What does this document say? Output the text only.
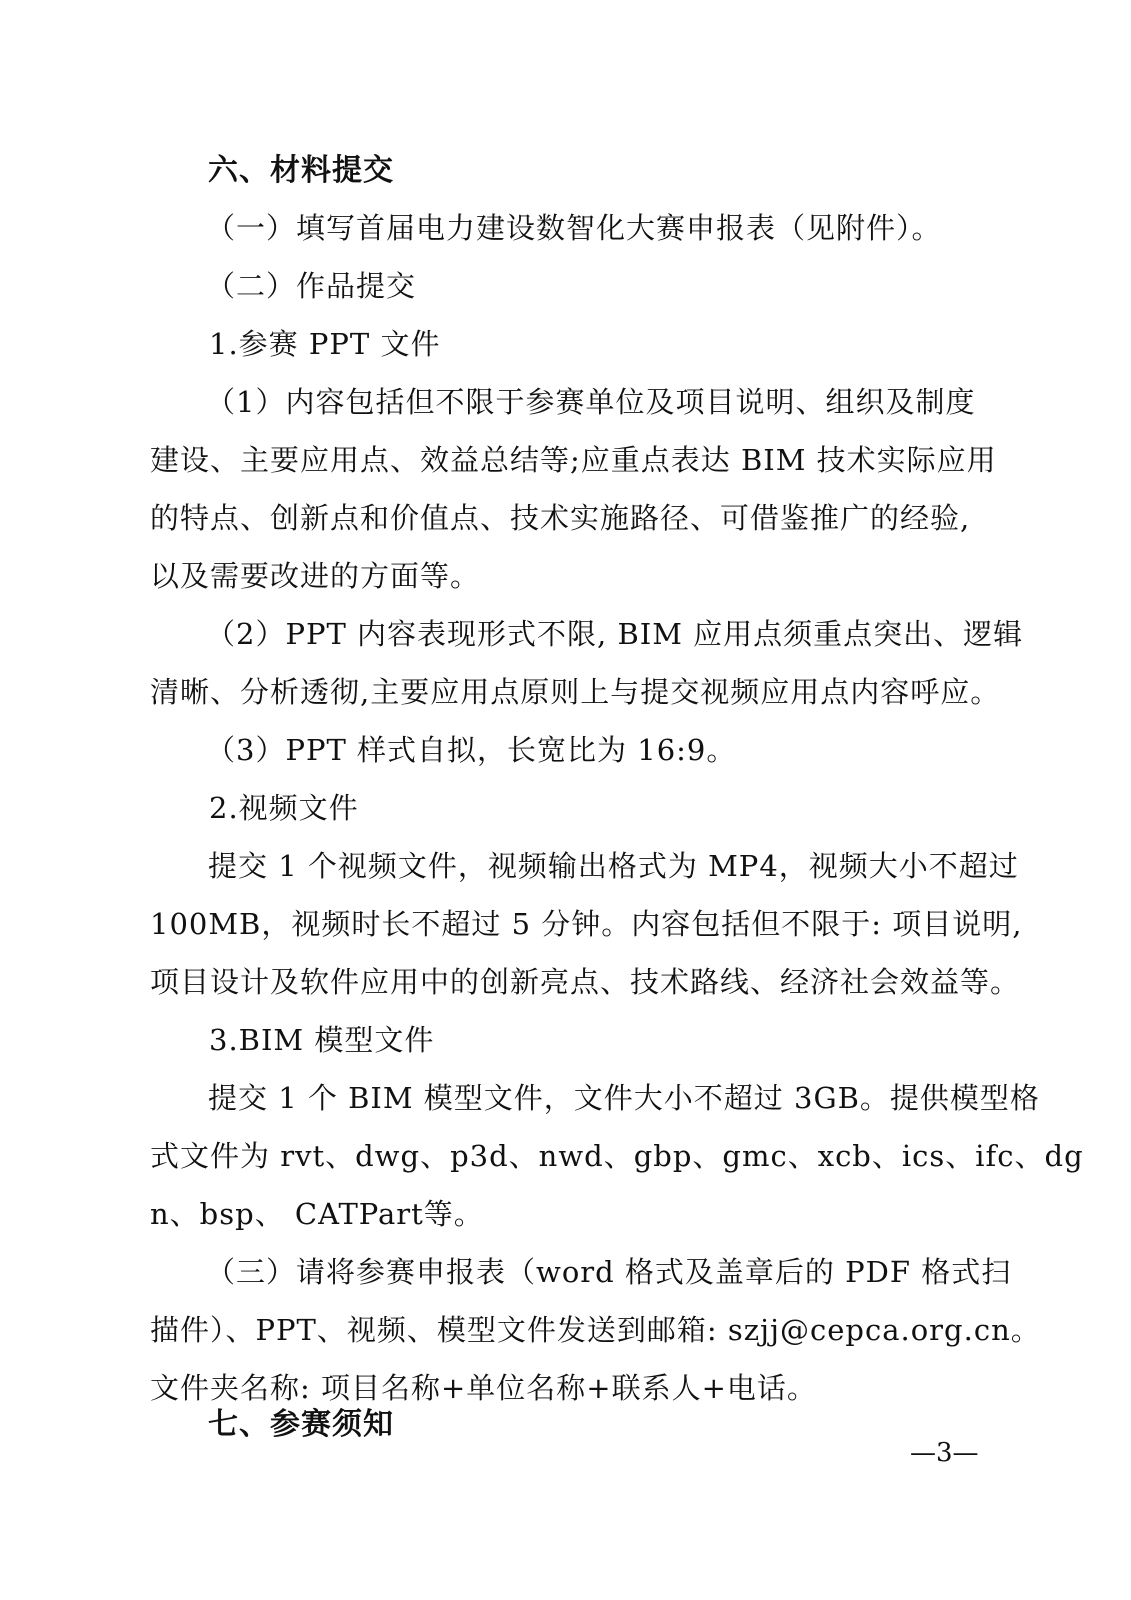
六、材料提交
（一）填写首届电力建设数智化大赛申报表（见附件）。
（二）作品提交
1.参赛 PPT 文件
（1）内容包括但不限于参赛单位及项目说明、组织及制度
建设、主要应用点、效益总结等;应重点表达 BIM 技术实际应用
的特点、创新点和价值点、技术实施路径、可借鉴推广的经验,
以及需要改进的方面等。
（2）PPT 内容表现形式不限, BIM 应用点须重点突出、逻辑
清晰、分析透彻,主要应用点原则上与提交视频应用点内容呼应。
（3）PPT 样式自拟，长宽比为 16:9。
2.视频文件
提交 1 个视频文件，视频输出格式为 MP4，视频大小不超过
100MB，视频时长不超过 5 分钟。内容包括但不限于: 项目说明,
项目设计及软件应用中的创新亮点、技术路线、经济社会效益等。
3.BIM 模型文件
提交 1 个 BIM 模型文件，文件大小不超过 3GB。提供模型格
式文件为 rvt、dwg、p3d、nwd、gbp、gmc、xcb、ics、ifc、dg
n、bsp、 CATPart等。
（三）请将参赛申报表（word 格式及盖章后的 PDF 格式扫
描件）、PPT、视频、模型文件发送到邮箱: szjj@cepca.org.cn。
文件夹名称: 项目名称+单位名称+联系人+电话。
七、参赛须知
—3—
